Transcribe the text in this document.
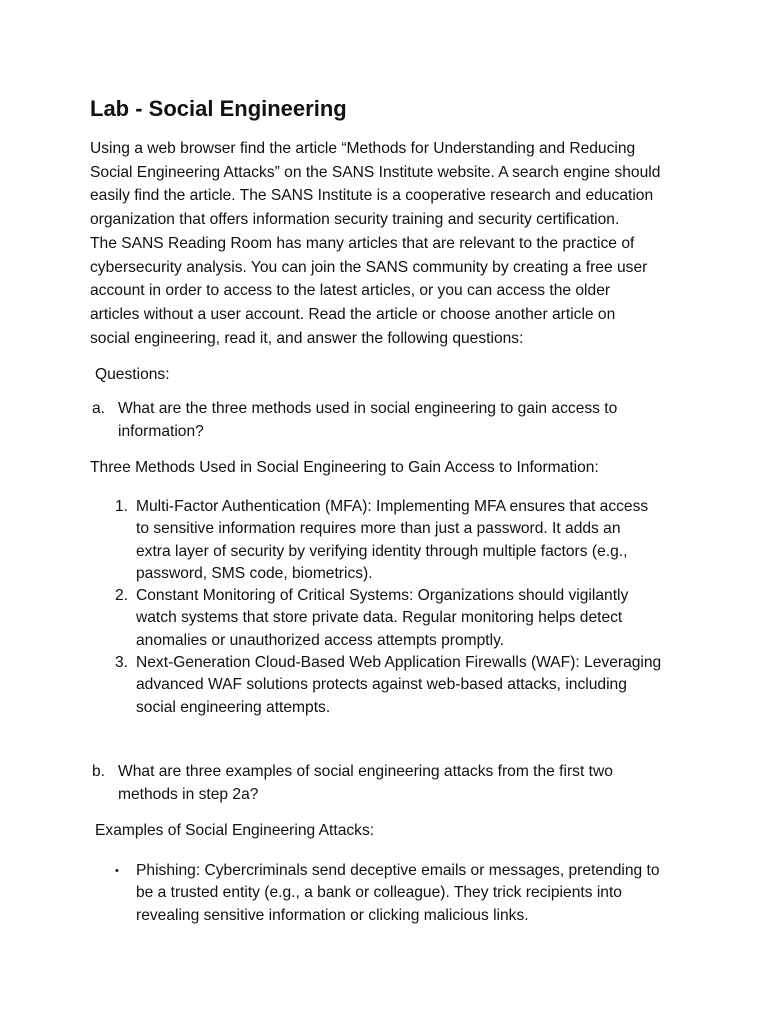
Lab - Social Engineering
Using a web browser find the article “Methods for Understanding and Reducing
Social Engineering Attacks” on the SANS Institute website. A search engine should
easily find the article. The SANS Institute is a cooperative research and education
organization that offers information security training and security certification.
The SANS Reading Room has many articles that are relevant to the practice of
cybersecurity analysis. You can join the SANS community by creating a free user
account in order to access to the latest articles, or you can access the older
articles without a user account. Read the article or choose another article on
social engineering, read it, and answer the following questions:
Questions:
a. What are the three methods used in social engineering to gain access to
information?
Three Methods Used in Social Engineering to Gain Access to Information:
1. Multi-Factor Authentication (MFA): Implementing MFA ensures that access
to sensitive information requires more than just a password. It adds an
extra layer of security by verifying identity through multiple factors (e.g.,
password, SMS code, biometrics).
2. Constant Monitoring of Critical Systems: Organizations should vigilantly
watch systems that store private data. Regular monitoring helps detect
anomalies or unauthorized access attempts promptly.
3. Next-Generation Cloud-Based Web Application Firewalls (WAF): Leveraging
advanced WAF solutions protects against web-based attacks, including
social engineering attempts.
b. What are three examples of social engineering attacks from the first two
methods in step 2a?
Examples of Social Engineering Attacks:
• Phishing: Cybercriminals send deceptive emails or messages, pretending to
be a trusted entity (e.g., a bank or colleague). They trick recipients into
revealing sensitive information or clicking malicious links.
